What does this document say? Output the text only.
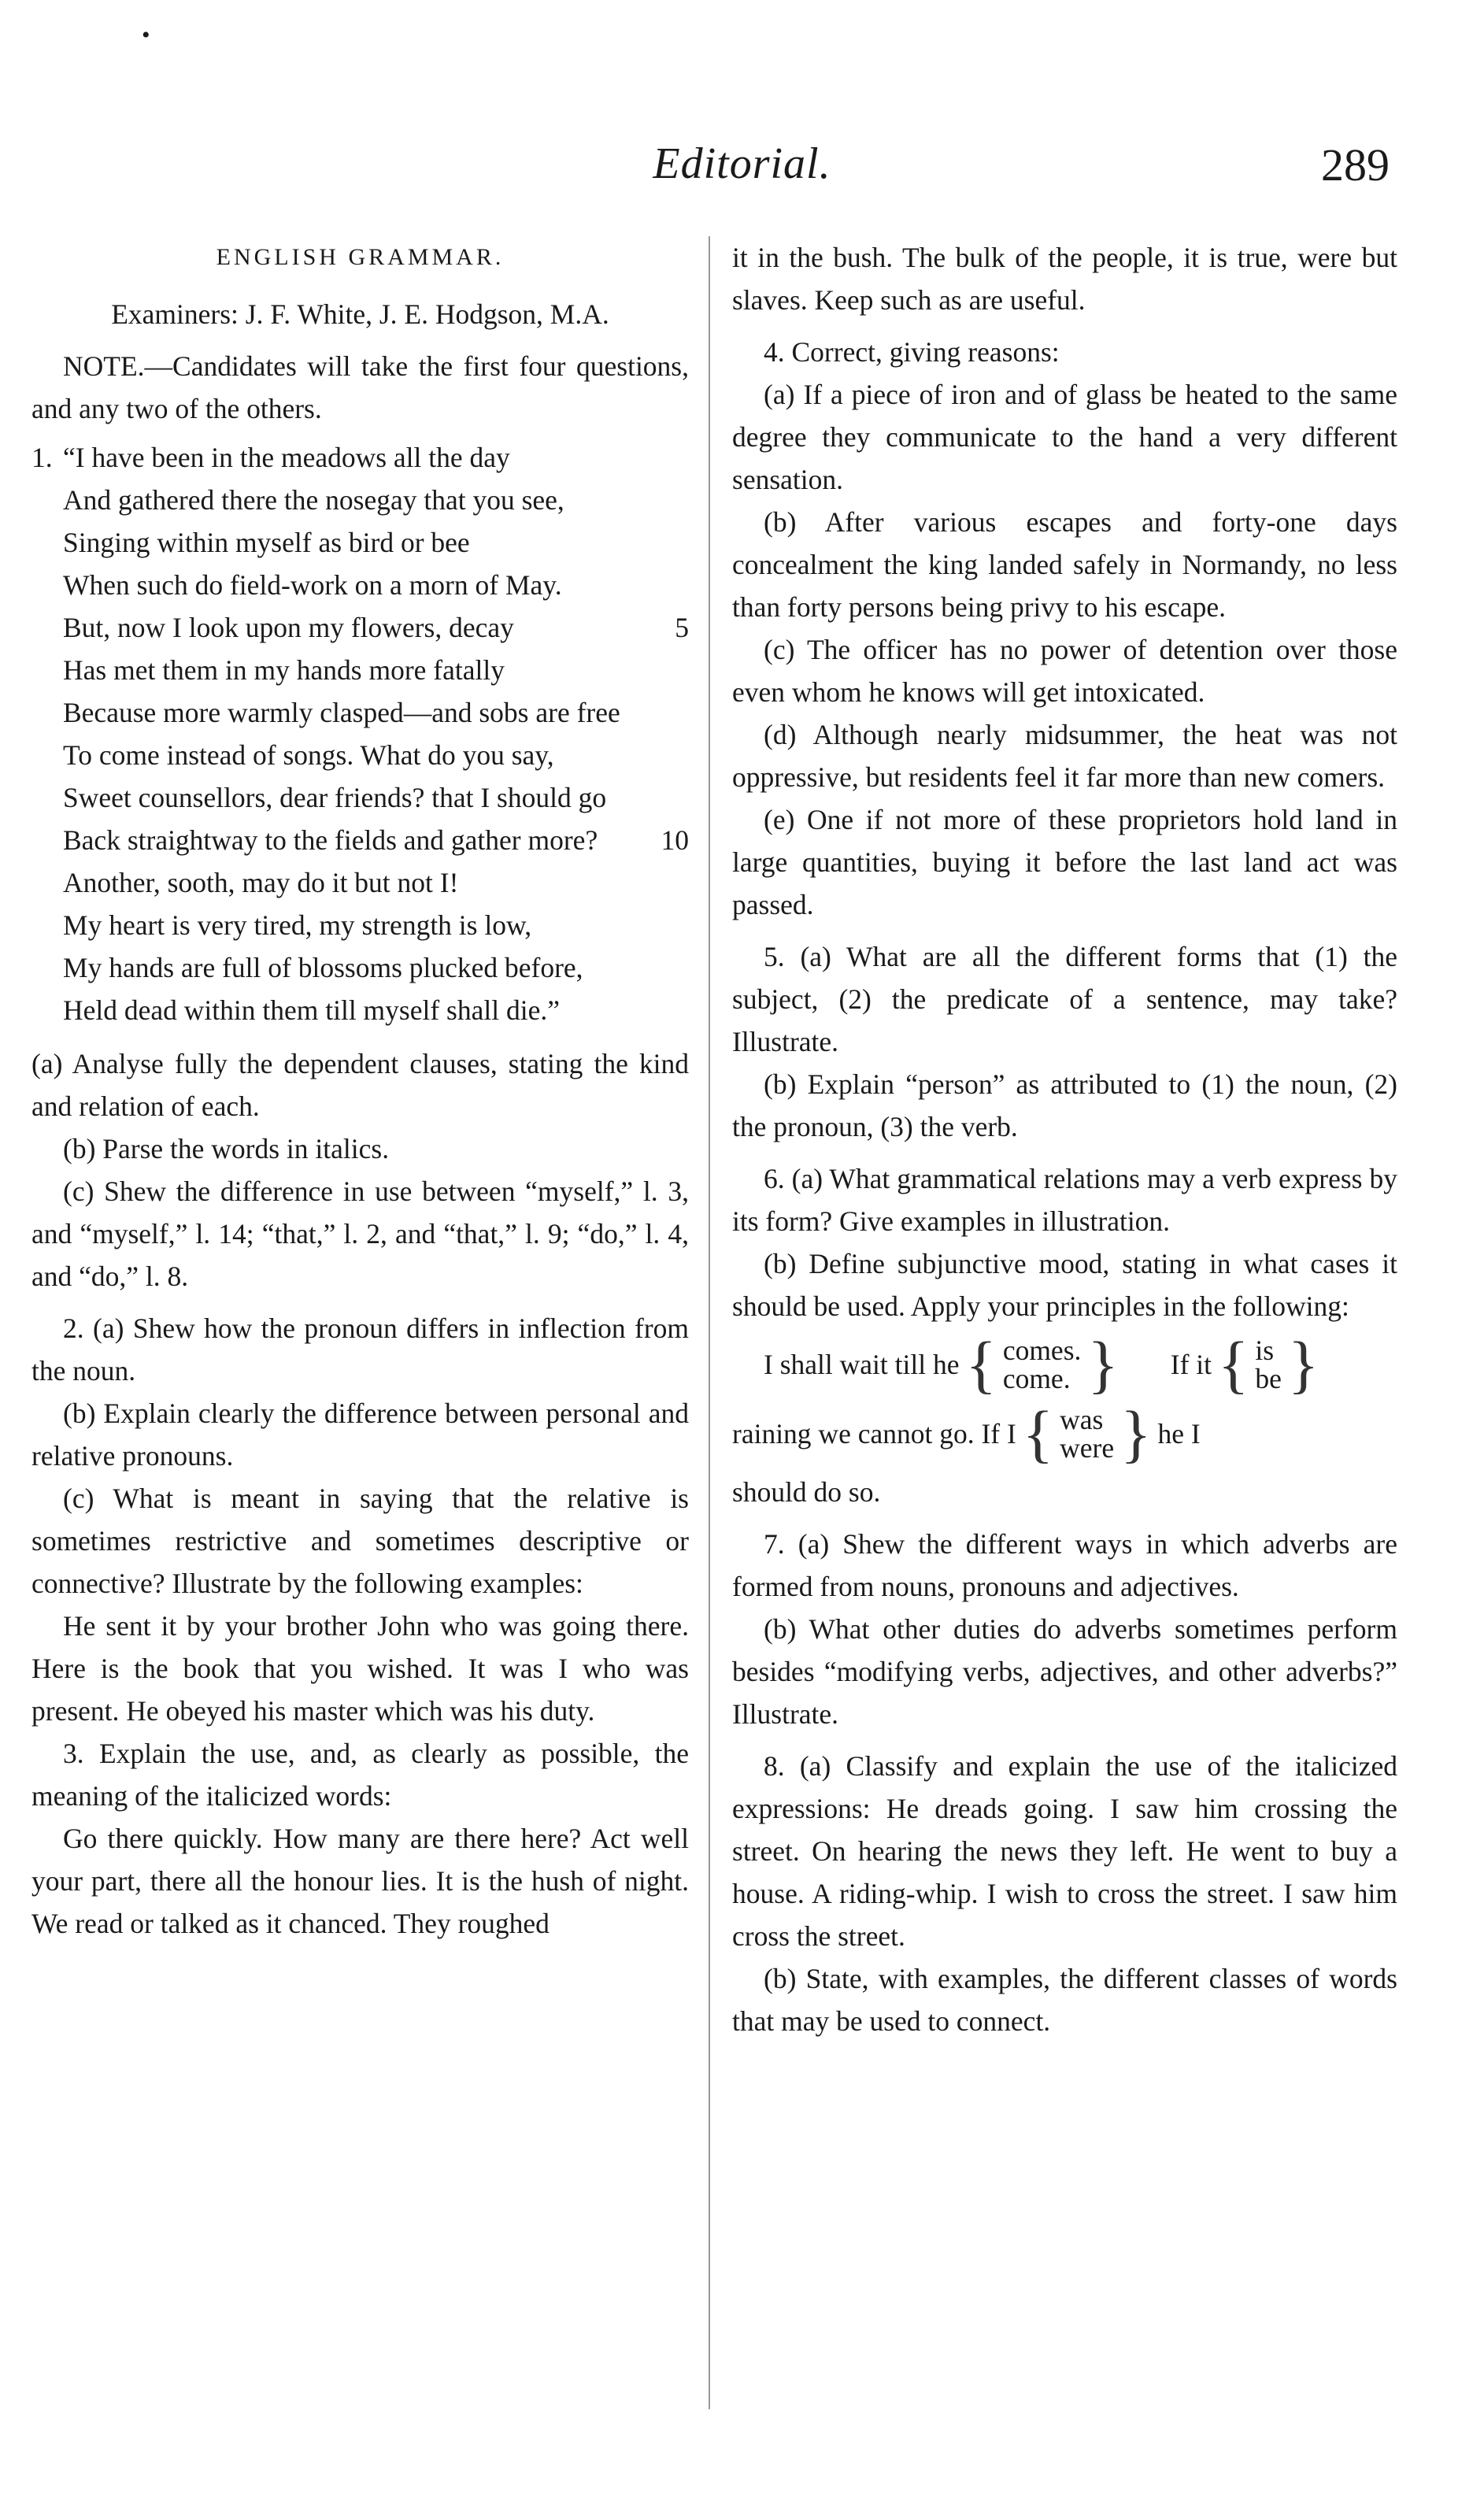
•
Editorial.	289
ENGLISH GRAMMAR.

Examiners: J. F. White, J. E. Hodgson, M.A.

NOTE.—Candidates will take the first four questions, and any two of the others.

1. “I have been in the meadows all the day
And gathered there the nosegay that you see,
Singing within myself as bird or bee
When such do field-work on a morn of May.
But, now I look upon my flowers, decay	5
Has met them in my hands more fatally
Because more warmly clasped—and sobs are free
To come instead of songs. What do you say,
Sweet counsellors, dear friends? that I should go
Back straightway to the fields and gather more?	10
Another, sooth, may do it but not I!
My heart is very tired, my strength is low,
My hands are full of blossoms plucked before,
Held dead within them till myself shall die.”

(a) Analyse fully the dependent clauses, stating the kind and relation of each.

(b) Parse the words in italics.

(c) Shew the difference in use between “myself,” l. 3, and “myself,” l. 14; “that,” l. 2, and “that,” l. 9; “do,” l. 4, and “do,” l. 8.

2. (a) Shew how the pronoun differs in inflection from the noun.

(b) Explain clearly the difference between personal and relative pronouns.

(c) What is meant in saying that the relative is sometimes restrictive and sometimes descriptive or connective? Illustrate by the following examples:

He sent it by your brother John who was going there. Here is the book that you wished. It was I who was present. He obeyed his master which was his duty.

3. Explain the use, and, as clearly as possible, the meaning of the italicized words:

Go there quickly. How many are there here? Act well your part, there all the honour lies. It is the hush of night. We read or talked as it chanced. They roughed

it in the bush. The bulk of the people, it is true, were but slaves. Keep such as are useful.

4. Correct, giving reasons:

(a) If a piece of iron and of glass be heated to the same degree they communicate to the hand a very different sensation.

(b) After various escapes and forty-one days concealment the king landed safely in Normandy, no less than forty persons being privy to his escape.

(c) The officer has no power of detention over those even whom he knows will get intoxicated.

(d) Although nearly midsummer, the heat was not oppressive, but residents feel it far more than new comers.

(e) One if not more of these proprietors hold land in large quantities, buying it before the last land act was passed.

5. (a) What are all the different forms that (1) the subject, (2) the predicate of a sentence, may take? Illustrate.

(b) Explain “person” as attributed to (1) the noun, (2) the pronoun, (3) the verb.

6. (a) What grammatical relations may a verb express by its form? Give examples in illustration.

(b) Define subjunctive mood, stating in what cases it should be used. Apply your principles in the following:

I shall wait till he { comes.
come. } If it { is
be }
raining we cannot go. If I { was
were } he I

should do so.

7. (a) Shew the different ways in which adverbs are formed from nouns, pronouns and adjectives.

(b) What other duties do adverbs sometimes perform besides “modifying verbs, adjectives, and other adverbs?” Illustrate.

8. (a) Classify and explain the use of the italicized expressions: He dreads going. I saw him crossing the street. On hearing the news they left. He went to buy a house. A riding-whip. I wish to cross the street. I saw him cross the street.

(b) State, with examples, the different classes of words that may be used to connect.
